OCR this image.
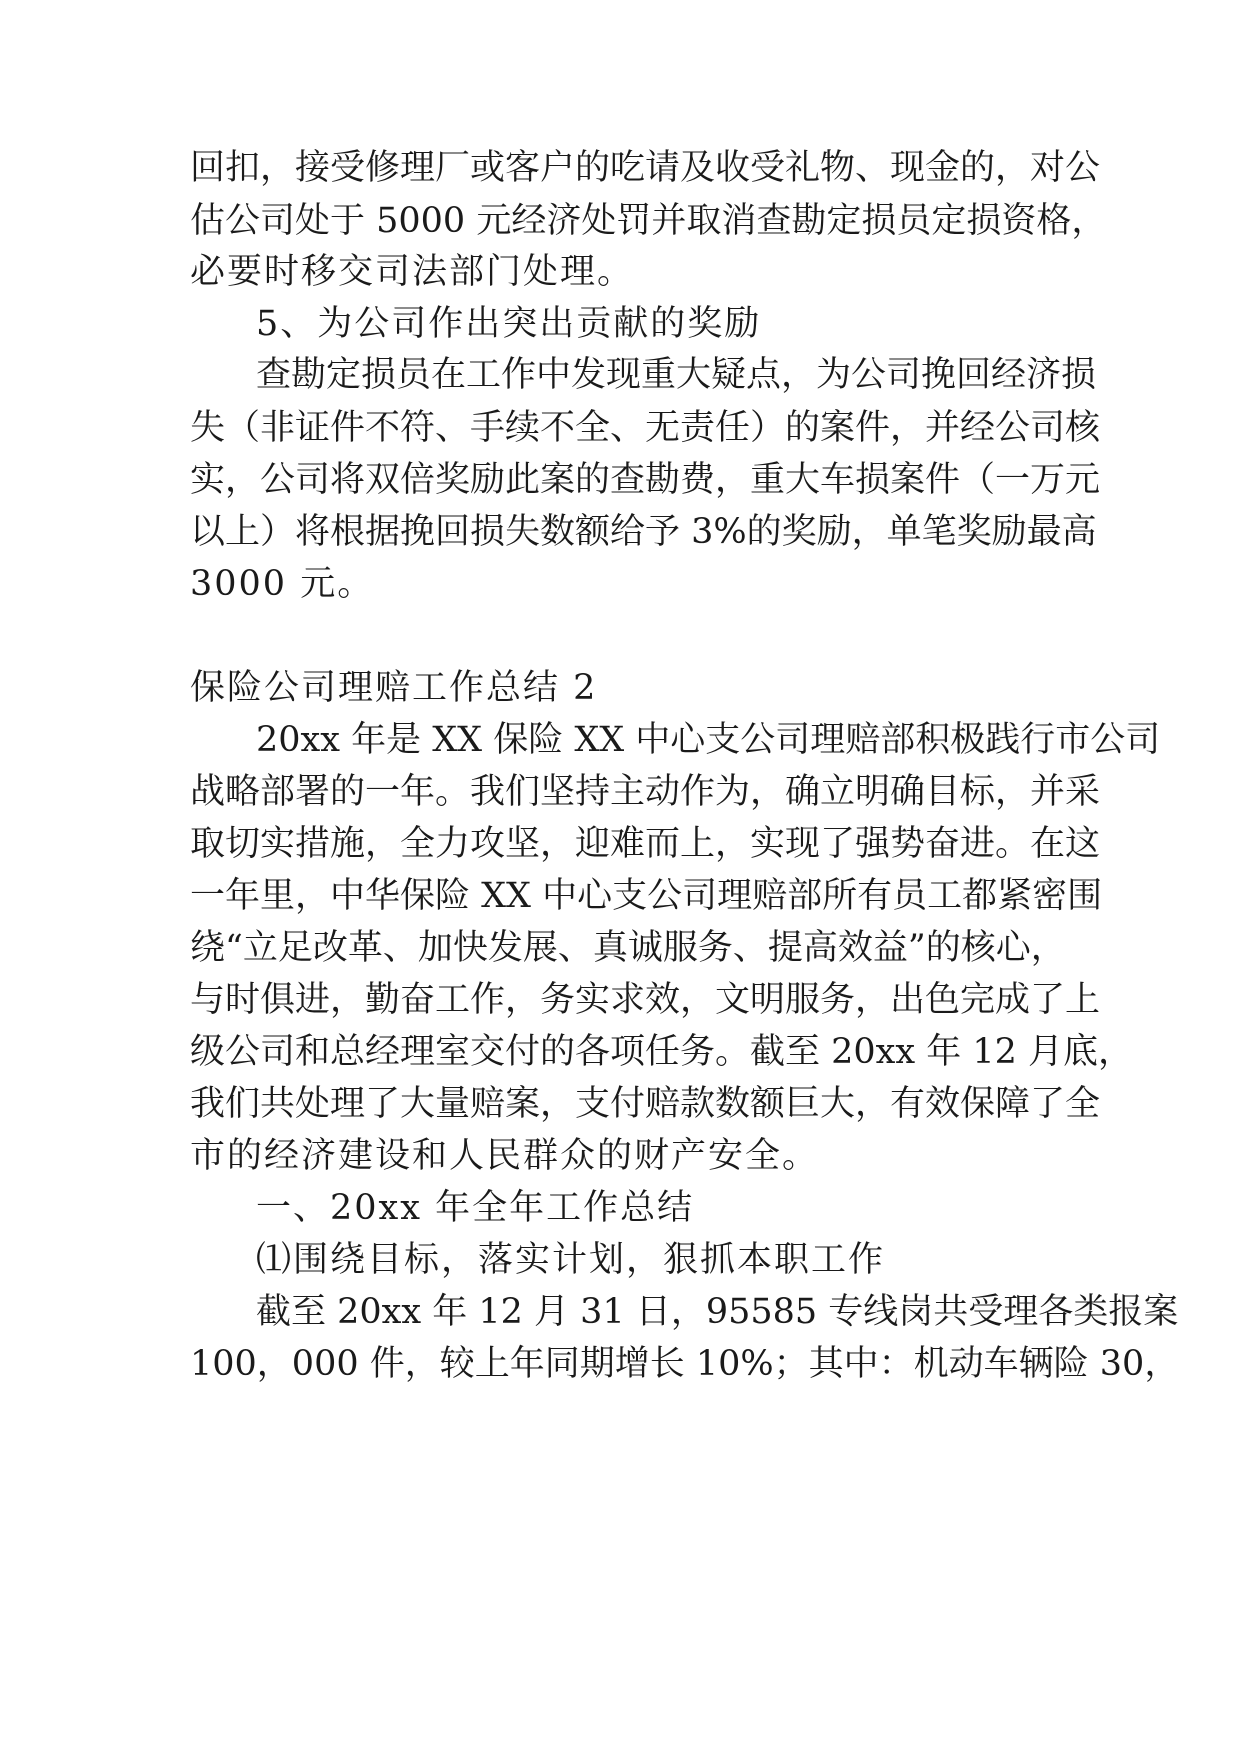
回扣，接受修理厂或客户的吃请及收受礼物、现金的，对公
估公司处于 5000 元经济处罚并取消查勘定损员定损资格，
必要时移交司法部门处理。
5、为公司作出突出贡献的奖励
查勘定损员在工作中发现重大疑点，为公司挽回经济损
失（非证件不符、手续不全、无责任）的案件，并经公司核
实，公司将双倍奖励此案的查勘费，重大车损案件（一万元
以上）将根据挽回损失数额给予 3%的奖励，单笔奖励最高
3000 元。
保险公司理赔工作总结 2
20xx 年是 XX 保险 XX 中心支公司理赔部积极践行市公司
战略部署的一年。我们坚持主动作为，确立明确目标，并采
取切实措施，全力攻坚，迎难而上，实现了强势奋进。在这
一年里，中华保险 XX 中心支公司理赔部所有员工都紧密围
绕“立足改革、加快发展、真诚服务、提高效益”的核心，
与时俱进，勤奋工作，务实求效，文明服务，出色完成了上
级公司和总经理室交付的各项任务。截至 20xx 年 12 月底，
我们共处理了大量赔案，支付赔款数额巨大，有效保障了全
市的经济建设和人民群众的财产安全。
一、20xx 年全年工作总结
⑴围绕目标，落实计划，狠抓本职工作
截至 20xx 年 12 月 31 日，95585 专线岗共受理各类报案
100，000 件，较上年同期增长 10%；其中：机动车辆险 30，
